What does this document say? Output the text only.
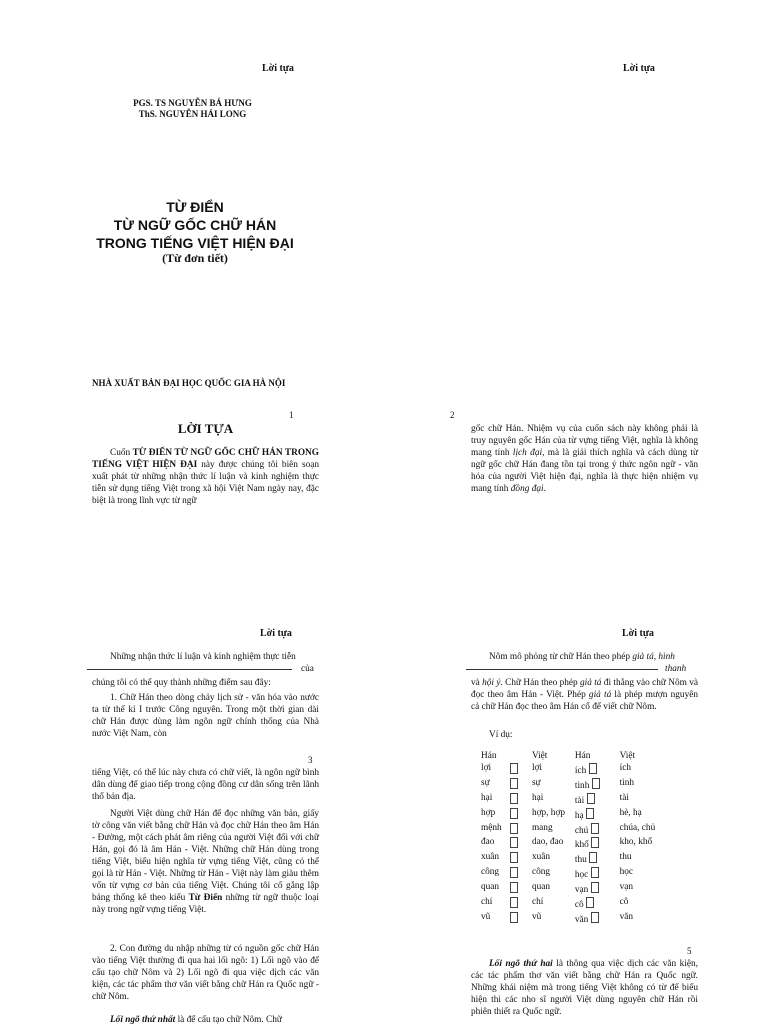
Lời tựa
PGS. TS NGUYỄN BÁ HƯNG
ThS. NGUYỄN HẢI LONG
TỪ ĐIỂN
TỪ NGỮ GỐC CHỮ HÁN
TRONG TIẾNG VIỆT HIỆN ĐẠI
(Từ đơn tiết)
NHÀ XUẤT BẢN ĐẠI HỌC QUỐC GIA HÀ NỘI
1
LỜI TỰA
Cuốn TỪ ĐIỂN TỪ NGỮ GỐC CHỮ HÁN TRONG TIẾNG VIỆT HIỆN ĐẠI này được chúng tôi biên soạn xuất phát từ những nhận thức lí luận và kinh nghiệm thực tiễn sử dụng tiếng Việt trong xã hội Việt Nam ngày nay, đặc biệt là trong lĩnh vực từ ngữ
Lời tựa
2
gốc chữ Hán. Nhiệm vụ của cuốn sách này không phải là truy nguyên gốc Hán của từ vựng tiếng Việt, nghĩa là không mang tính lịch đại, mà là giải thích nghĩa và cách dùng từ ngữ gốc chữ Hán đang tồn tại trong ý thức ngôn ngữ - văn hóa của người Việt hiện đại, nghĩa là thực hiện nhiệm vụ mang tính đồng đại.
Lời tựa
Những nhận thức lí luận và kinh nghiệm thực tiễn
của
chúng tôi có thể quy thành những điểm sau đây:
1. Chữ Hán theo dòng chảy lịch sử - văn hóa vào nước ta từ thế kỉ I trước Công nguyên. Trong một thời gian dài chữ Hán được dùng làm ngôn ngữ chính thống của Nhà nước Việt Nam, còn
3
tiếng Việt, có thể lúc này chưa có chữ viết, là ngôn ngữ bình dân dùng để giao tiếp trong cộng đồng cư dân sống trên lãnh thổ bản địa.
Người Việt dùng chữ Hán để đọc những văn bản, giấy tờ công văn viết bằng chữ Hán và đọc chữ Hán theo âm Hán - Đường, một cách phát âm riêng của người Việt đối với chữ Hán, gọi đó là âm Hán - Việt. Những chữ Hán dùng trong tiếng Việt, biểu hiện nghĩa từ vựng tiếng Việt, cũng có thể gọi là từ Hán - Việt. Những từ Hán - Việt này làm giàu thêm vốn từ vựng cơ bản của tiếng Việt. Chúng tôi cố gắng lập bảng thống kê theo kiểu Từ Điển những từ ngữ thuộc loại này trong ngữ vựng tiếng Việt.
2. Con đường du nhập những từ có nguồn gốc chữ Hán vào tiếng Việt thường đi qua hai lối ngõ: 1) Lối ngõ vào để cấu tạo chữ Nôm và 2) Lối ngõ đi qua việc dịch các văn kiện, các tác phẩm thơ văn viết bằng chữ Hán ra Quốc ngữ - chữ Nôm.
Lối ngõ thứ nhất là để cấu tạo chữ Nôm. Chữ
Lời tựa
Nôm mô phỏng từ chữ Hán theo phép giả tá, hình
thanh
và hội ý. Chữ Hán theo phép giả tá đi thẳng vào chữ Nôm và đọc theo âm Hán - Việt. Phép giả tá là phép mượn nguyên cả chữ Hán đọc theo âm Hán cổ để viết chữ Nôm.
Ví dụ:
Hán		Việt	Hán	Việt
lợi		lợi	ích	ích
sự		sự	tình	tình
hại		hại	tài	tài
hợp		hợp, hợp	hạ	hè, hạ
mệnh		mang	chú	chúa, chủ
đao		dao, đao	khổ	kho, khổ
xuân		xuân	thu	thu
công		công	học	học
quan		quan	vạn	vạn
chí		chí	cô	cô
vũ		vũ	văn	văn
5
Lối ngõ thứ hai là thông qua việc dịch các văn kiện, các tác phẩm thơ văn viết bằng chữ Hán ra Quốc ngữ. Những khái niệm mà trong tiếng Việt không có từ để biểu hiện thì các nho sĩ người Việt dùng nguyên chữ Hán rồi phiên thiết ra Quốc ngữ.
